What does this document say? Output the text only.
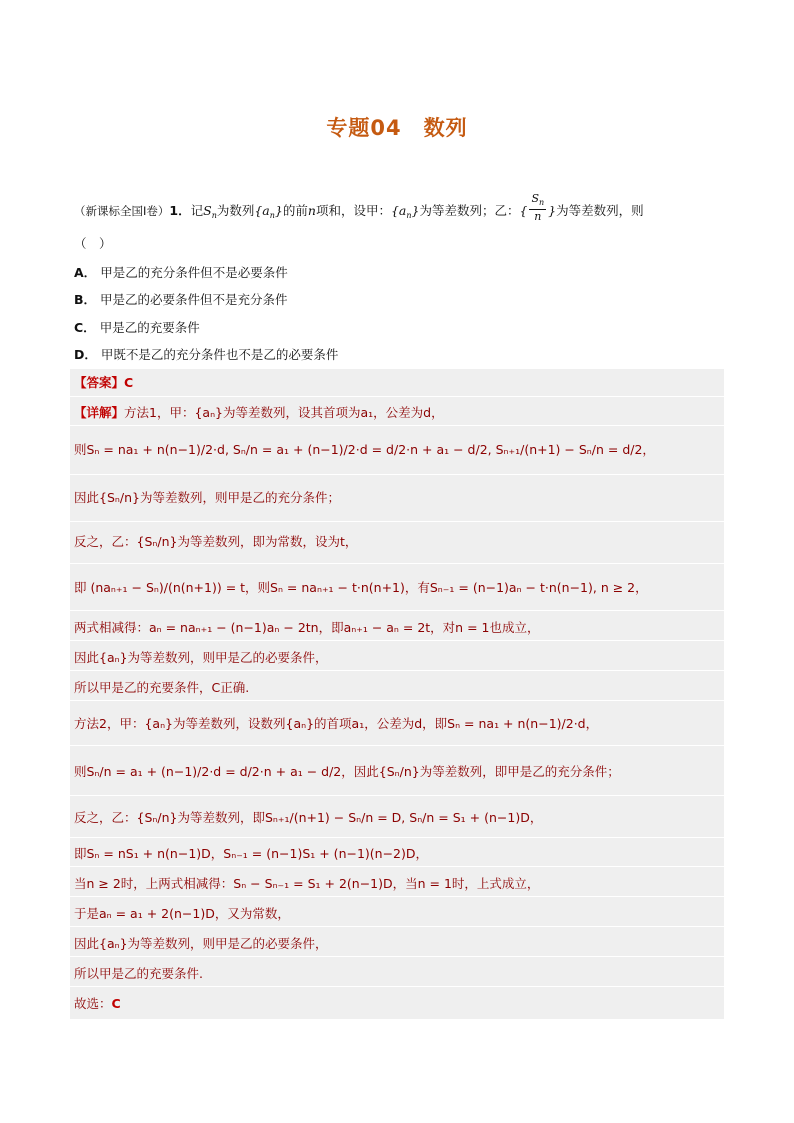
专题04　数列
（新课标全国Ⅰ卷）1．记$S_n$为数列$\{a_n\}$的前n项和，设甲：$\{a_n\}$为等差数列；乙：{ $\frac{S_n}{n}$ }为等差数列，则
（　）
A． 甲是乙的充分条件但不是必要条件
B． 甲是乙的必要条件但不是充分条件
C． 甲是乙的充要条件
D． 甲既不是乙的充分条件也不是乙的必要条件
【答案】 C
【详解】 方法1，甲：{aₙ}为等差数列，设其首项为a₁，公差为d，
则Sₙ = na₁ + n(n−1)/2·d, Sₙ/n = a₁ + (n−1)/2·d = d/2·n + a₁ − d/2, Sₙ₊₁/(n+1) − Sₙ/n = d/2，
因此{Sₙ/n}为等差数列，则甲是乙的充分条件；
反之，乙：{Sₙ/n}为等差数列，即为常数，设为t，
即 (naₙ₊₁ − Sₙ)/(n(n+1)) = t，则Sₙ = naₙ₊₁ − t·n(n+1)，有Sₙ₋₁ = (n−1)aₙ − t·n(n−1), n ≥ 2，
两式相减得：aₙ = naₙ₊₁ − (n−1)aₙ − 2tn，即aₙ₊₁ − aₙ = 2t，对n = 1也成立，
因此{aₙ}为等差数列，则甲是乙的必要条件，
所以甲是乙的充要条件，C正确.
方法2，甲：{aₙ}为等差数列，设数列{aₙ}的首项a₁，公差为d，即Sₙ = na₁ + n(n−1)/2·d，
则Sₙ/n = a₁ + (n−1)/2·d = d/2·n + a₁ − d/2，因此{Sₙ/n}为等差数列，即甲是乙的充分条件；
反之，乙：{Sₙ/n}为等差数列，即Sₙ₊₁/(n+1) − Sₙ/n = D, Sₙ/n = S₁ + (n−1)D，
即Sₙ = nS₁ + n(n−1)D，Sₙ₋₁ = (n−1)S₁ + (n−1)(n−2)D，
当n ≥ 2时，上两式相减得：Sₙ − Sₙ₋₁ = S₁ + 2(n−1)D，当n = 1时，上式成立，
于是aₙ = a₁ + 2(n−1)D，又为常数，
因此{aₙ}为等差数列，则甲是乙的必要条件，
所以甲是乙的充要条件.
故选： C
